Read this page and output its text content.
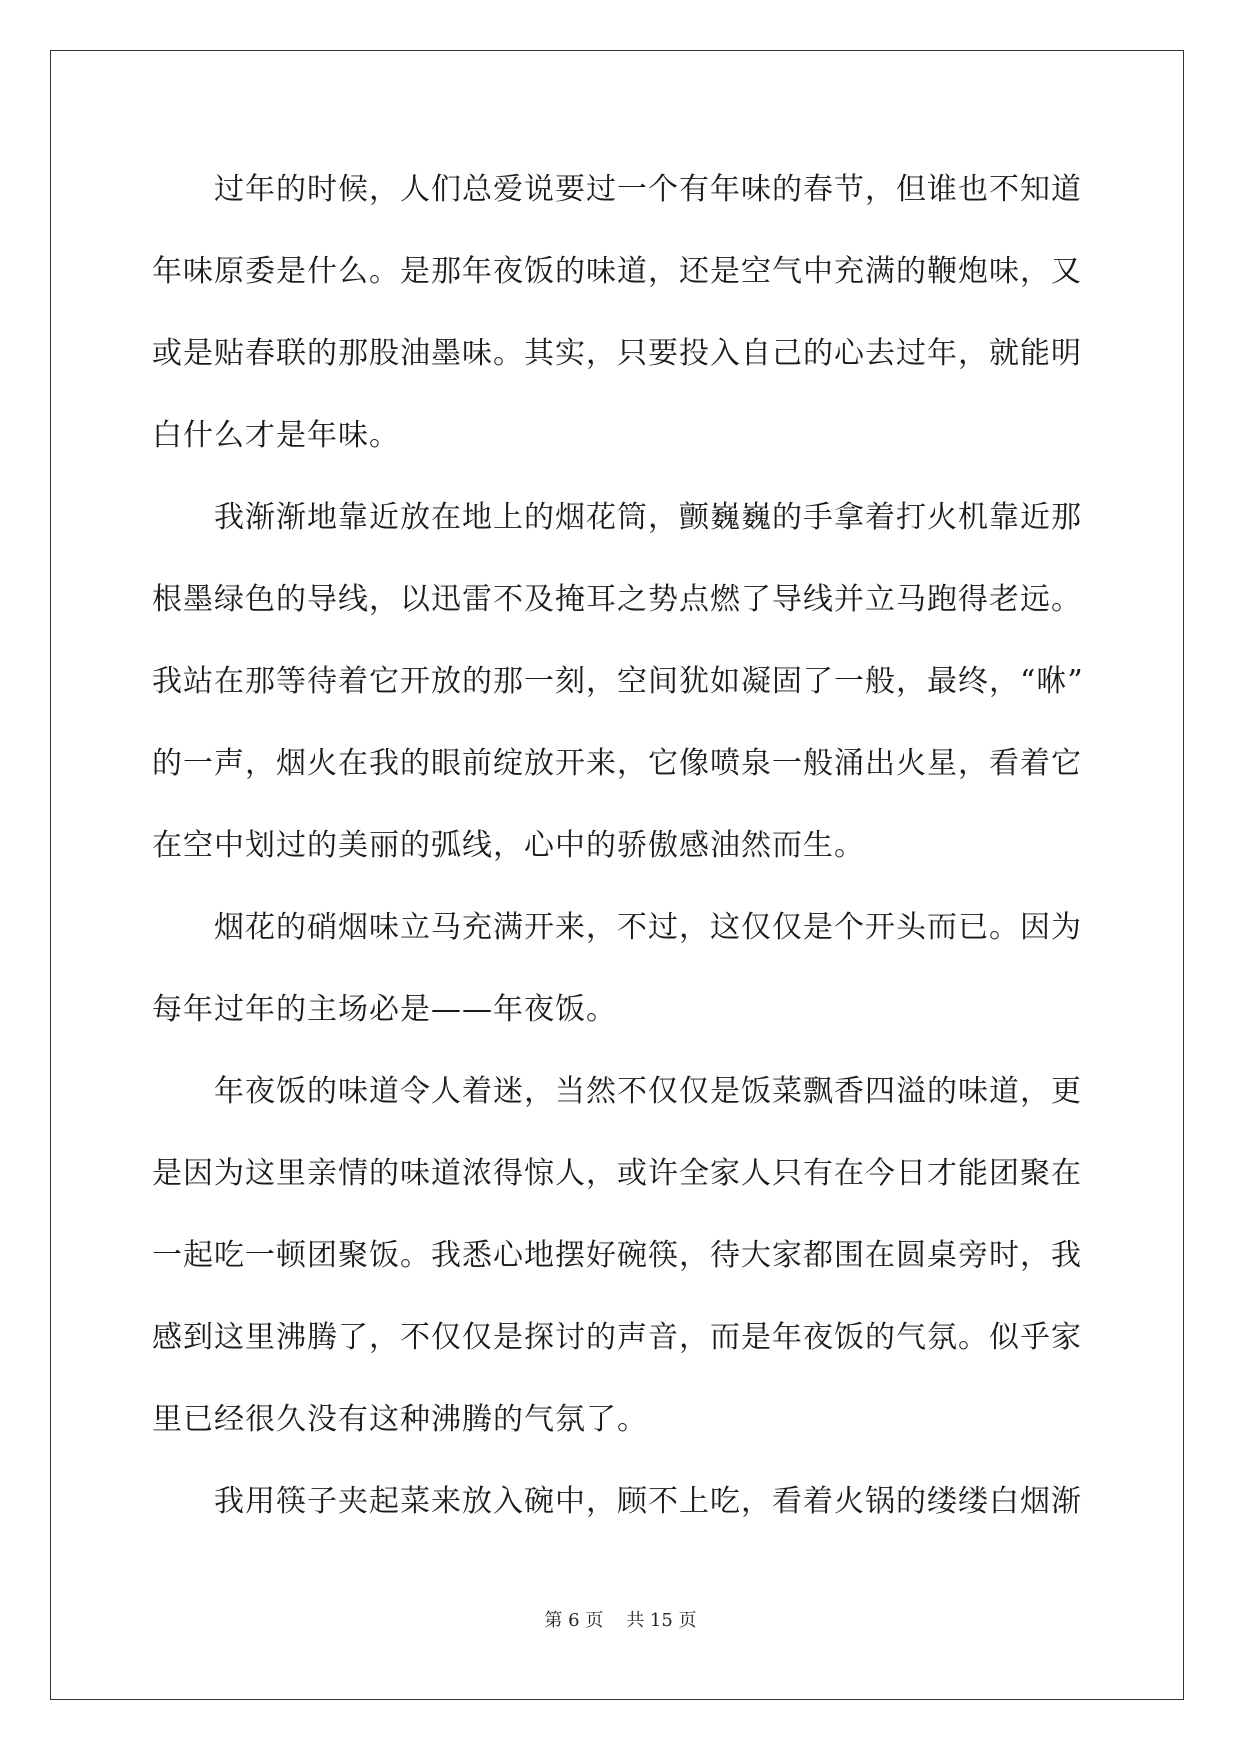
过年的时候，人们总爱说要过一个有年味的春节，但谁也不知道
年味原委是什么。是那年夜饭的味道，还是空气中充满的鞭炮味，又
或是贴春联的那股油墨味。其实，只要投入自己的心去过年，就能明
白什么才是年味。
我渐渐地靠近放在地上的烟花筒，颤巍巍的手拿着打火机靠近那
根墨绿色的导线，以迅雷不及掩耳之势点燃了导线并立马跑得老远。
我站在那等待着它开放的那一刻，空间犹如凝固了一般，最终，“咻”
的一声，烟火在我的眼前绽放开来，它像喷泉一般涌出火星，看着它
在空中划过的美丽的弧线，心中的骄傲感油然而生。
烟花的硝烟味立马充满开来，不过，这仅仅是个开头而已。因为
每年过年的主场必是——年夜饭。
年夜饭的味道令人着迷，当然不仅仅是饭菜飘香四溢的味道，更
是因为这里亲情的味道浓得惊人，或许全家人只有在今日才能团聚在
一起吃一顿团聚饭。我悉心地摆好碗筷，待大家都围在圆桌旁时，我
感到这里沸腾了，不仅仅是探讨的声音，而是年夜饭的气氛。似乎家
里已经很久没有这种沸腾的气氛了。
我用筷子夹起菜来放入碗中，顾不上吃，看着火锅的缕缕白烟渐
第 6 页    共 15 页
